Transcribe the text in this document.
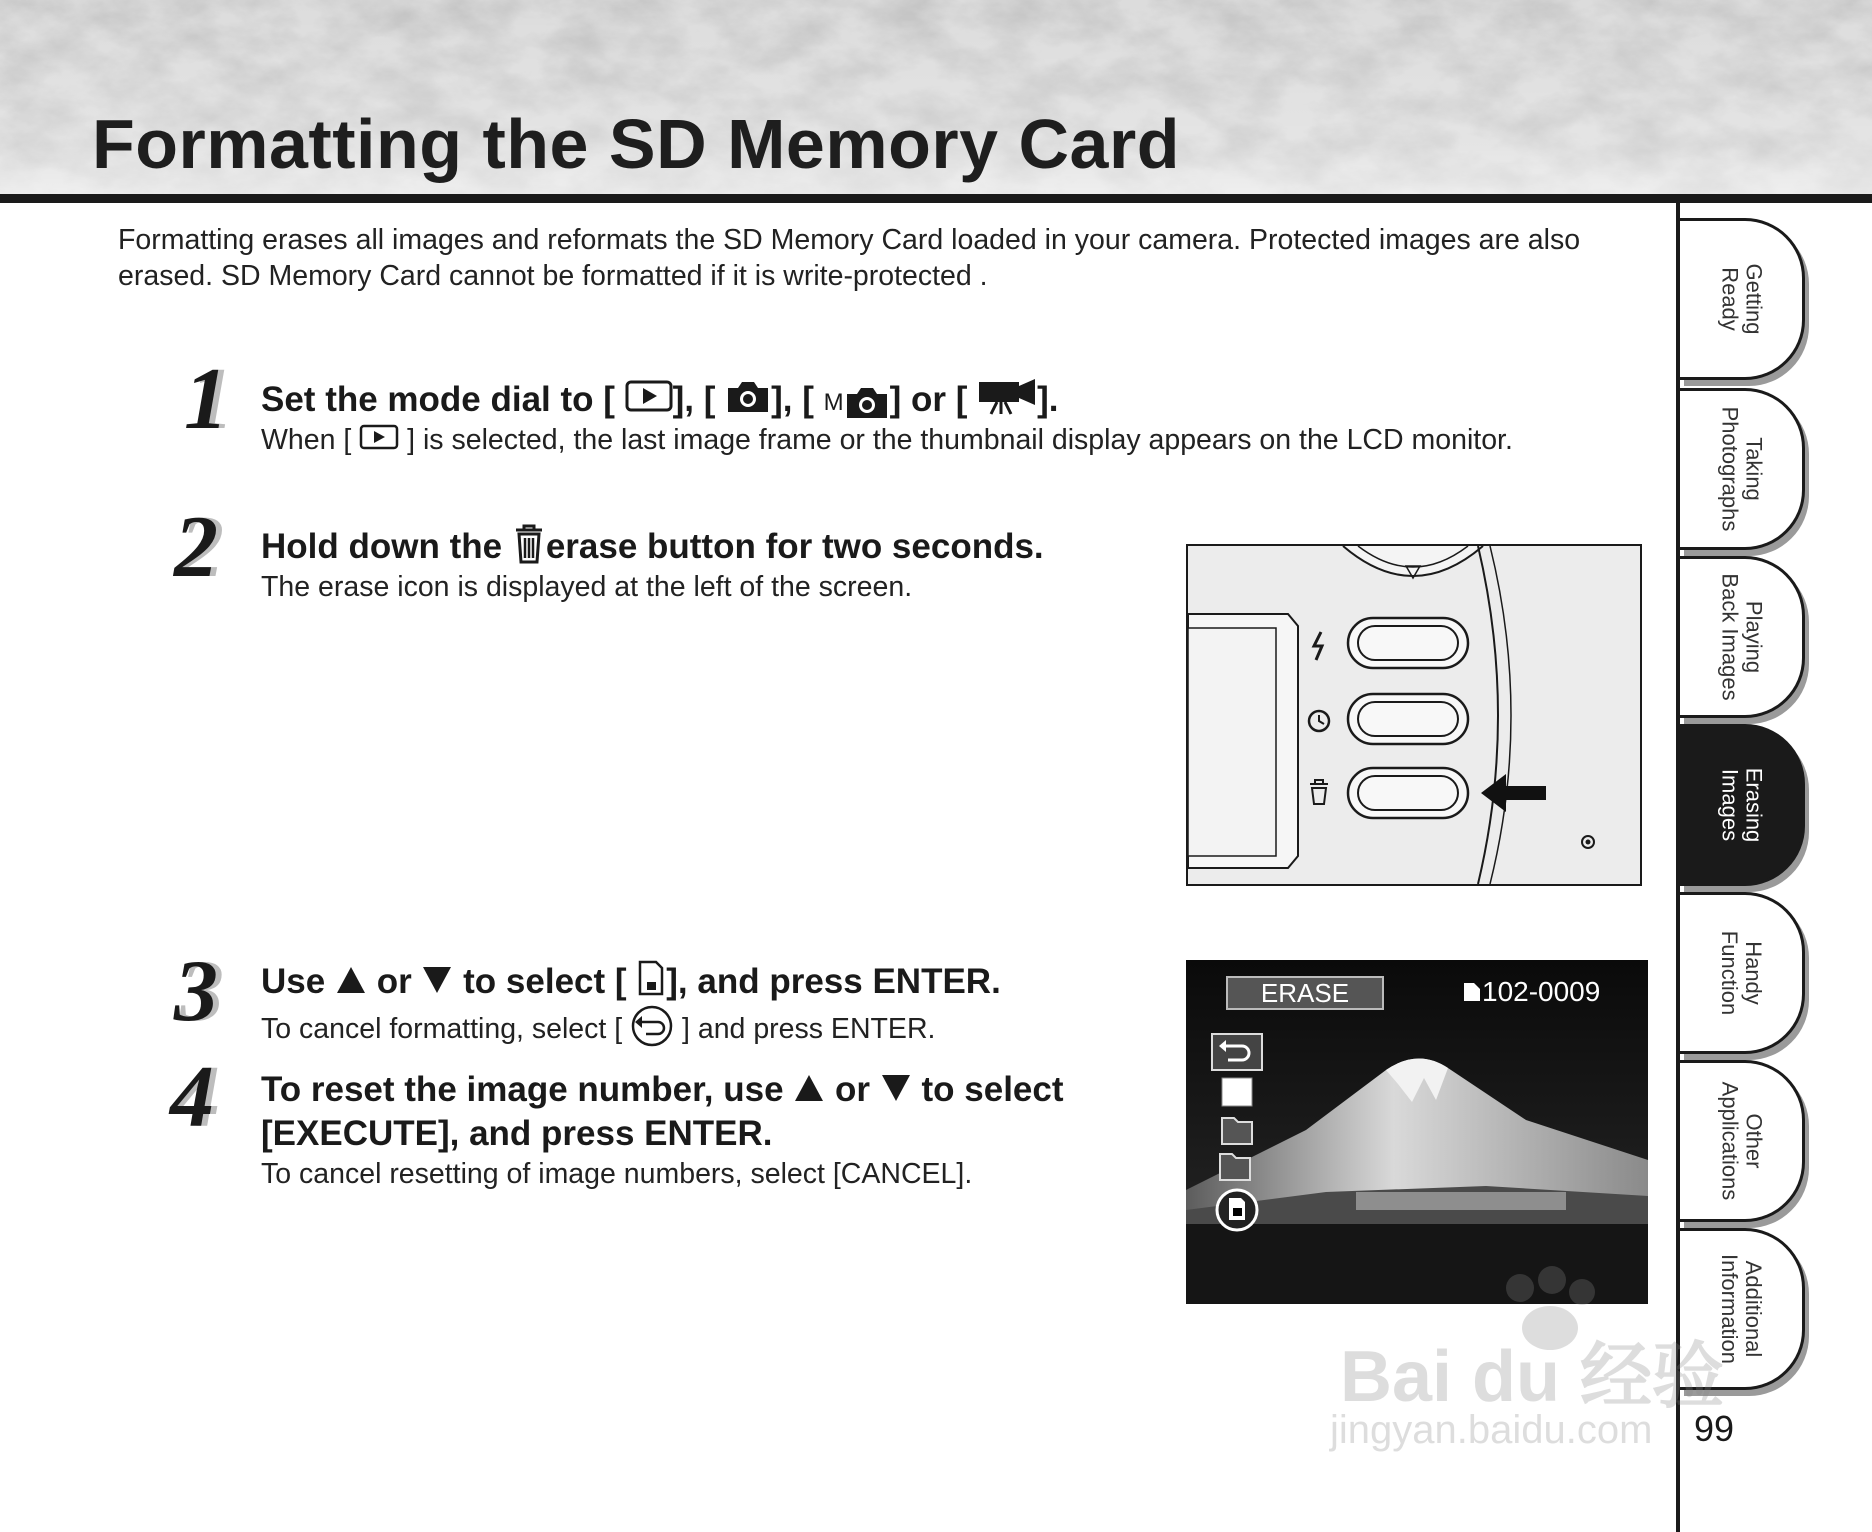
Formatting the SD Memory Card
Formatting erases all images and reformats the SD Memory Card loaded in your camera. Protected images are also erased. SD Memory Card cannot be formatted if it is write-protected .
1 Set the mode dial to [ ], [ ], [ M ] or [ ].
When [ ] is selected, the last image frame or the thumbnail display appears on the LCD monitor.
2 Hold down the erase button for two seconds.
The erase icon is displayed at the left of the screen.
3 Use or to select [ ], and press ENTER.
To cancel formatting, select [ ] and press ENTER.
4 To reset the image number, use or to select
[EXECUTE], and press ENTER.
To cancel resetting of image numbers, select [CANCEL].
ERASE	102-0009
Getting
Ready
Taking
Photographs
Playing
Back Images
Erasing
Images
Handy
Function
Other
Applications
Additional
Information
99
Bai du 经验
jingyan.baidu.com
